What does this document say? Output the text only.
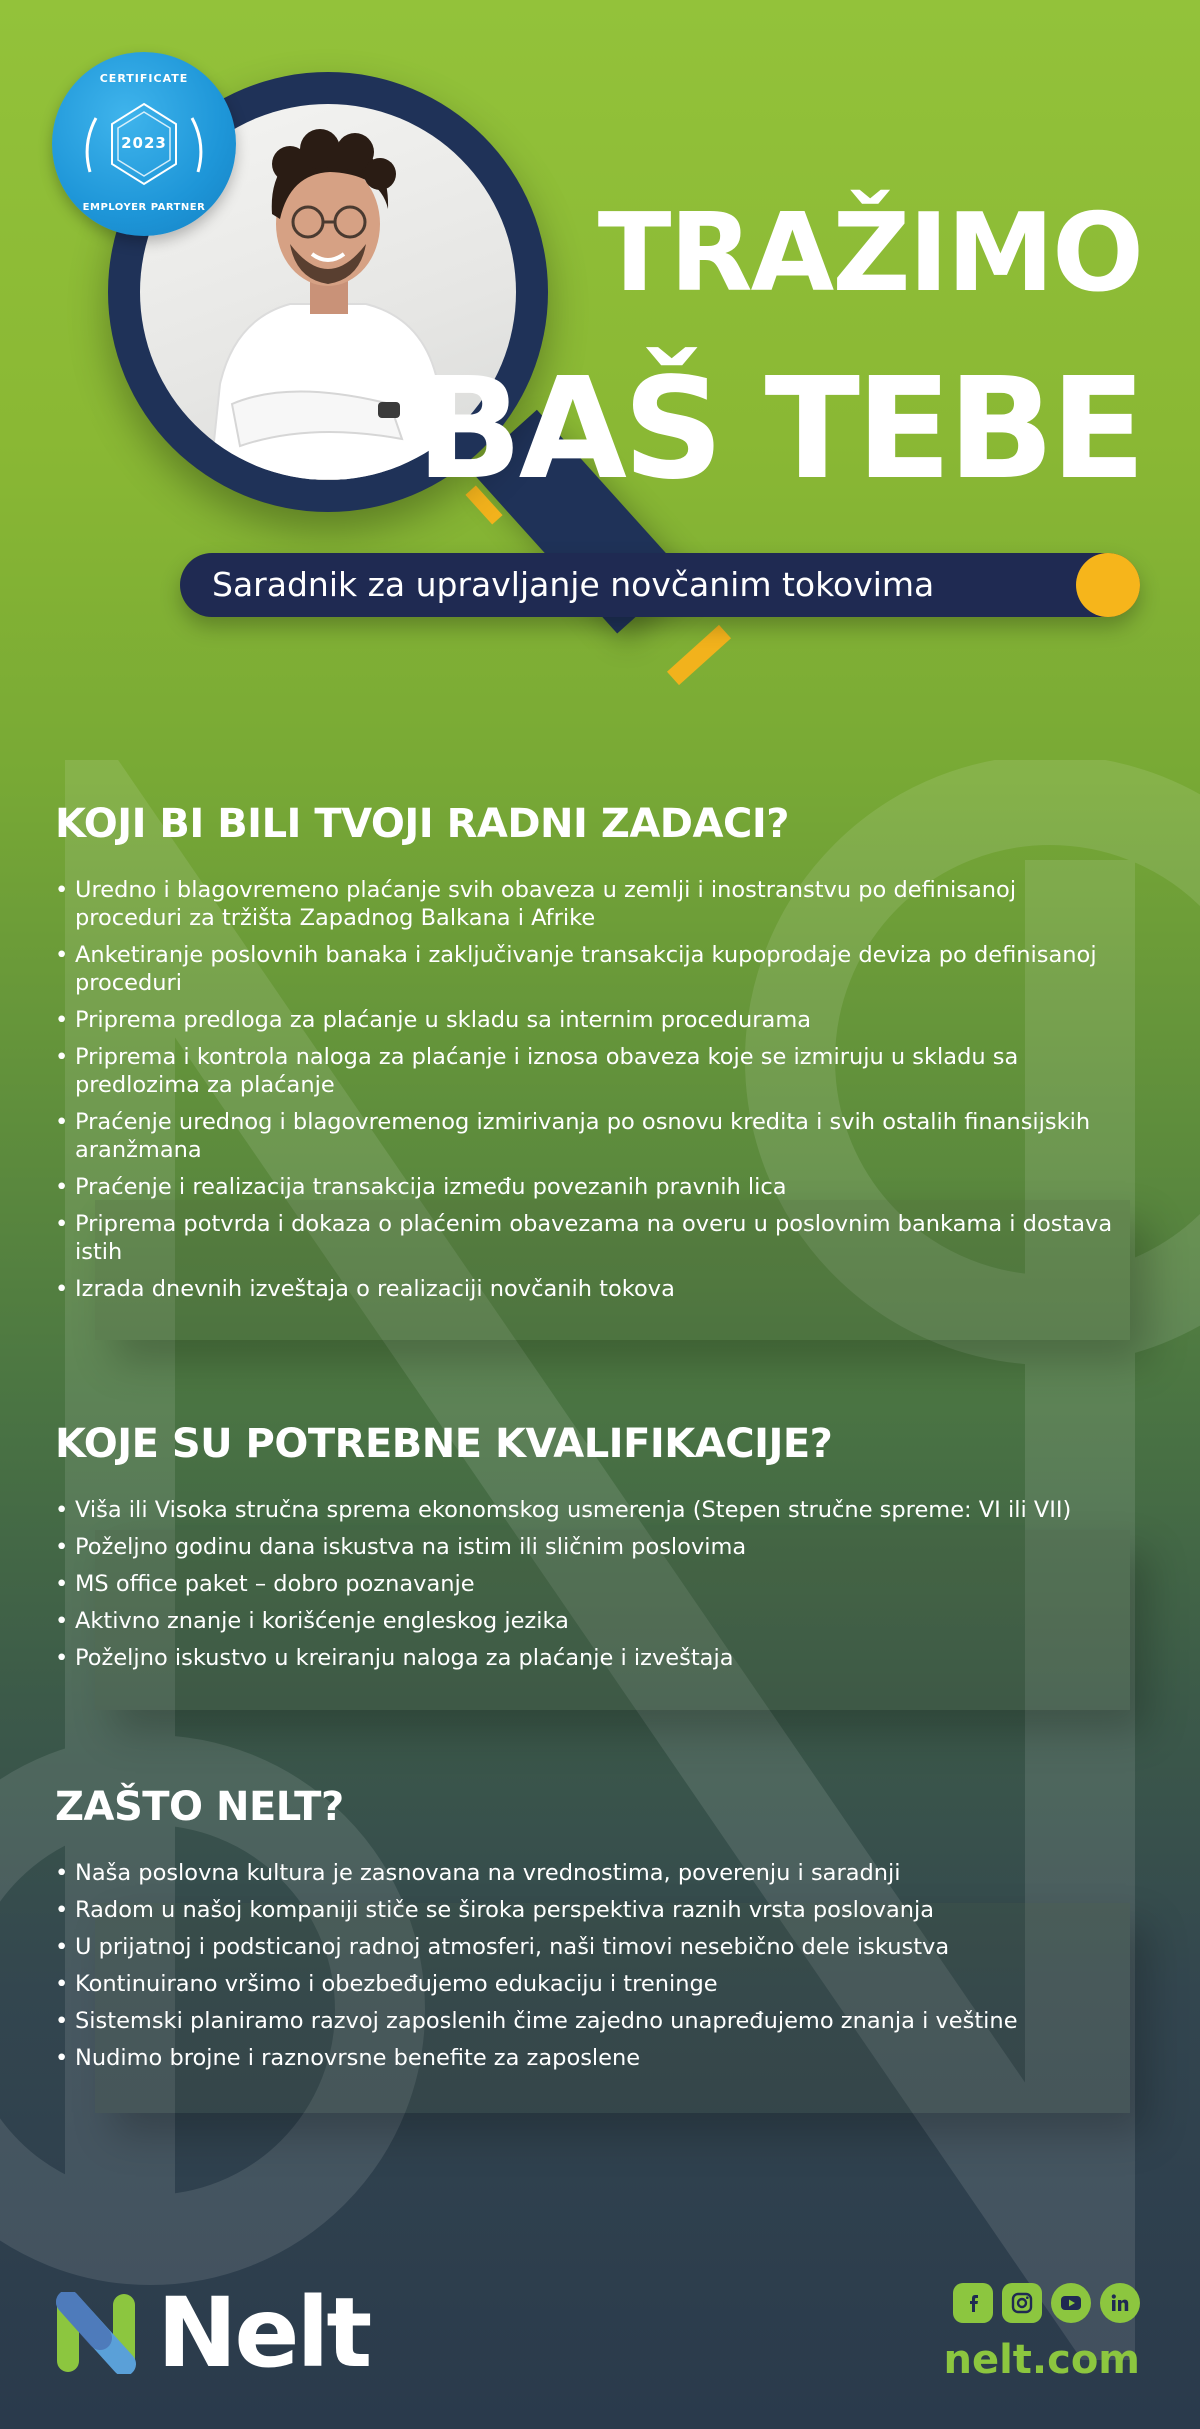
CERTIFICATE
2023
EMPLOYER PARTNER	TRAŽIMO
BAŠ TEBE
Saradnik za upravljanje novčanim tokovima
KOJI BI BILI TVOJI RADNI ZADACI?
• Uredno i blagovremeno plaćanje svih obaveza u zemlji i inostranstvu po definisanoj proceduri za tržišta Zapadnog Balkana i Afrike
• Anketiranje poslovnih banaka i zaključivanje transakcija kupoprodaje deviza po definisanoj proceduri
• Priprema predloga za plaćanje u skladu sa internim procedurama
• Priprema i kontrola naloga za plaćanje i iznosa obaveza koje se izmiruju u skladu sa predlozima za plaćanje
• Praćenje urednog i blagovremenog izmirivanja po osnovu kredita i svih ostalih finansijskih aranžmana
• Praćenje i realizacija transakcija između povezanih pravnih lica
• Priprema potvrda i dokaza o plaćenim obavezama na overu u poslovnim bankama i dostava istih
• Izrada dnevnih izveštaja o realizaciji novčanih tokova
KOJE SU POTREBNE KVALIFIKACIJE?
• Viša ili Visoka stručna sprema ekonomskog usmerenja (Stepen stručne spreme: VI ili VII)
• Poželjno godinu dana iskustva na istim ili sličnim poslovima
• MS office paket – dobro poznavanje
• Aktivno znanje i korišćenje engleskog jezika
• Poželjno iskustvo u kreiranju naloga za plaćanje i izveštaja
ZAŠTO NELT?
• Naša poslovna kultura je zasnovana na vrednostima, poverenju i saradnji
• Radom u našoj kompaniji stiče se široka perspektiva raznih vrsta poslovanja
• U prijatnoj i podsticanoj radnoj atmosferi, naši timovi nesebično dele iskustva
• Kontinuirano vršimo i obezbeđujemo edukaciju i treninge
• Sistemski planiramo razvoj zaposlenih čime zajedno unapređujemo znanja i veštine
• Nudimo brojne i raznovrsne benefite za zaposlene
Nelt	nelt.com
